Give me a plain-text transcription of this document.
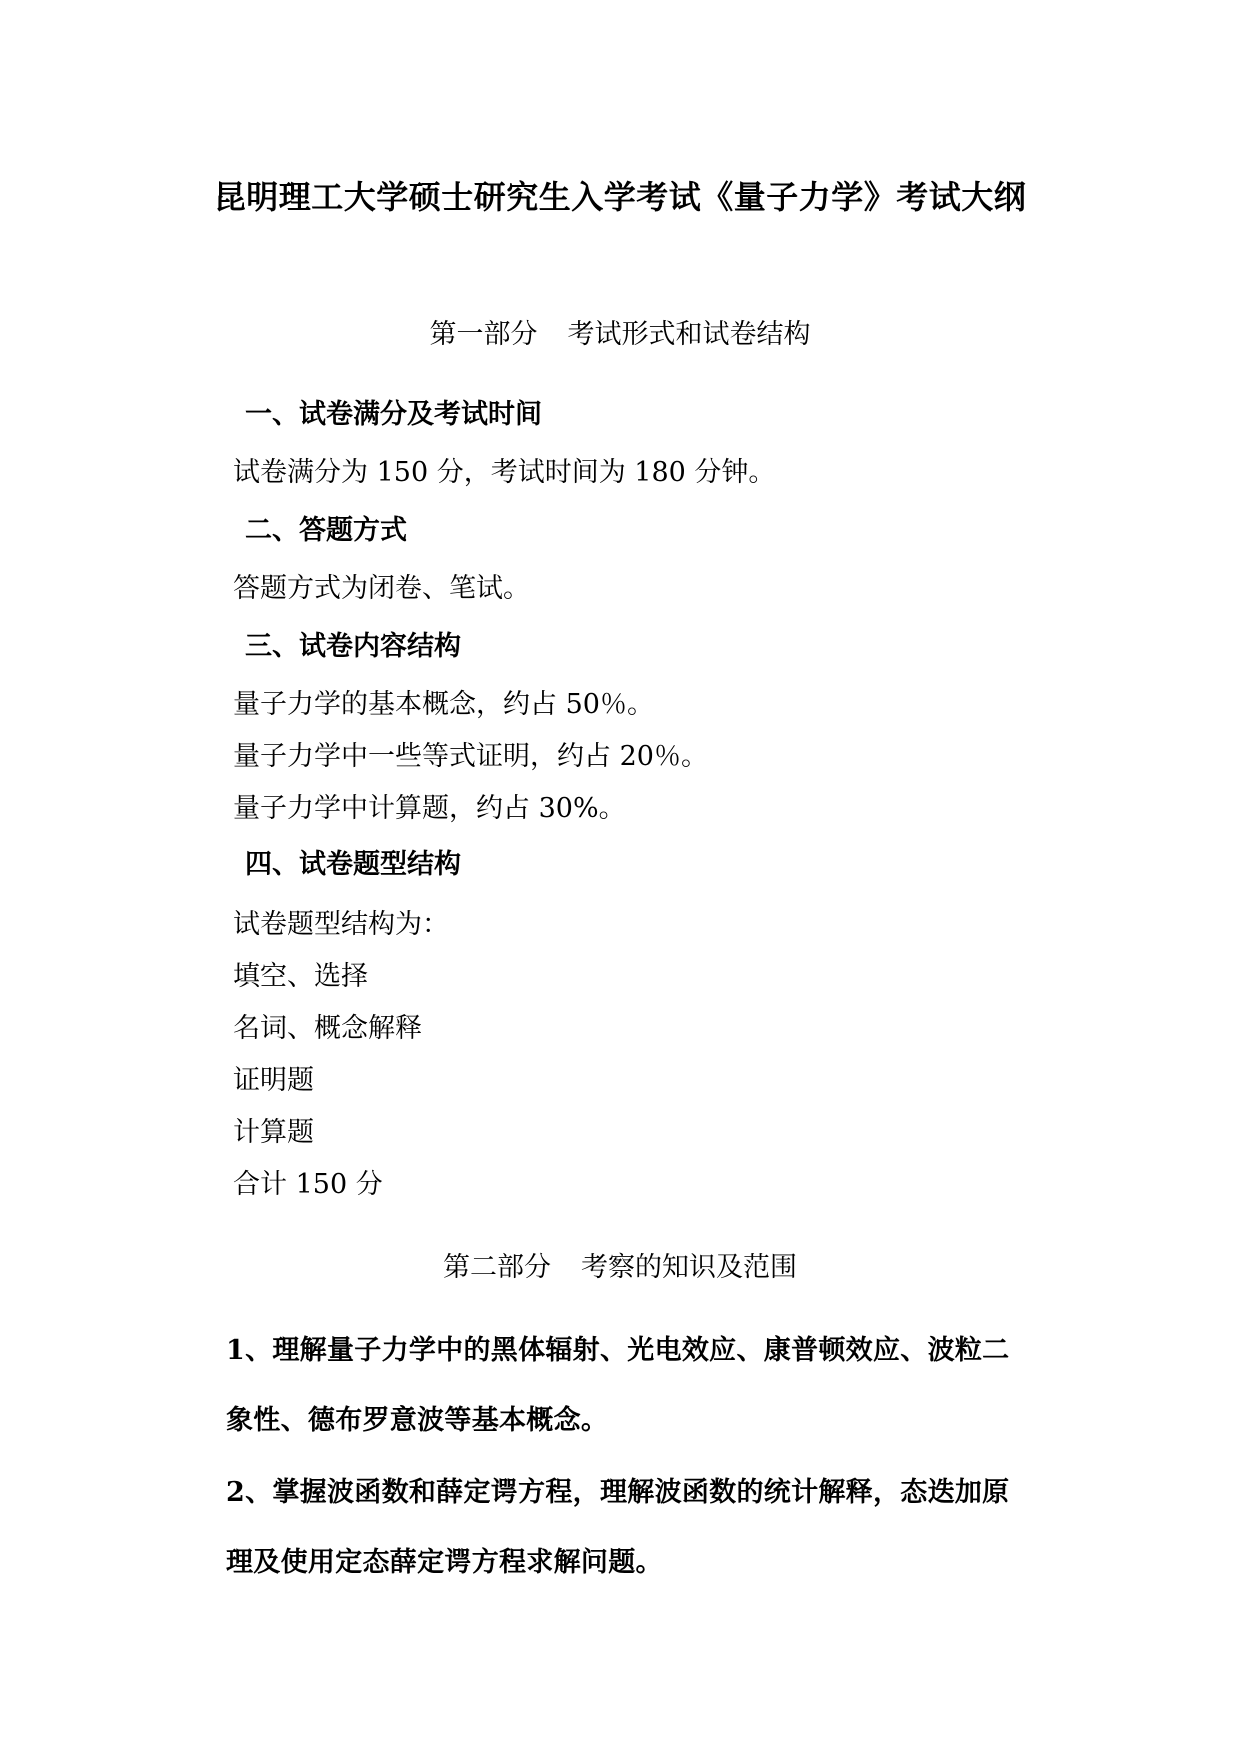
昆明理工大学硕士研究生入学考试《量子力学》考试大纲
第一部分 考试形式和试卷结构
一、试卷满分及考试时间
试卷满分为 150 分，考试时间为 180 分钟。
二、答题方式
答题方式为闭卷、笔试。
三、试卷内容结构
量子力学的基本概念，约占 50％。
量子力学中一些等式证明，约占 20％。
量子力学中计算题，约占 30%。
四、试卷题型结构
试卷题型结构为：
填空、选择
名词、概念解释
证明题
计算题
合计 150 分
第二部分 考察的知识及范围
1、理解量子力学中的黑体辐射、光电效应、康普顿效应、波粒二
象性、德布罗意波等基本概念。
2、掌握波函数和薛定谔方程，理解波函数的统计解释，态迭加原
理及使用定态薛定谔方程求解问题。
